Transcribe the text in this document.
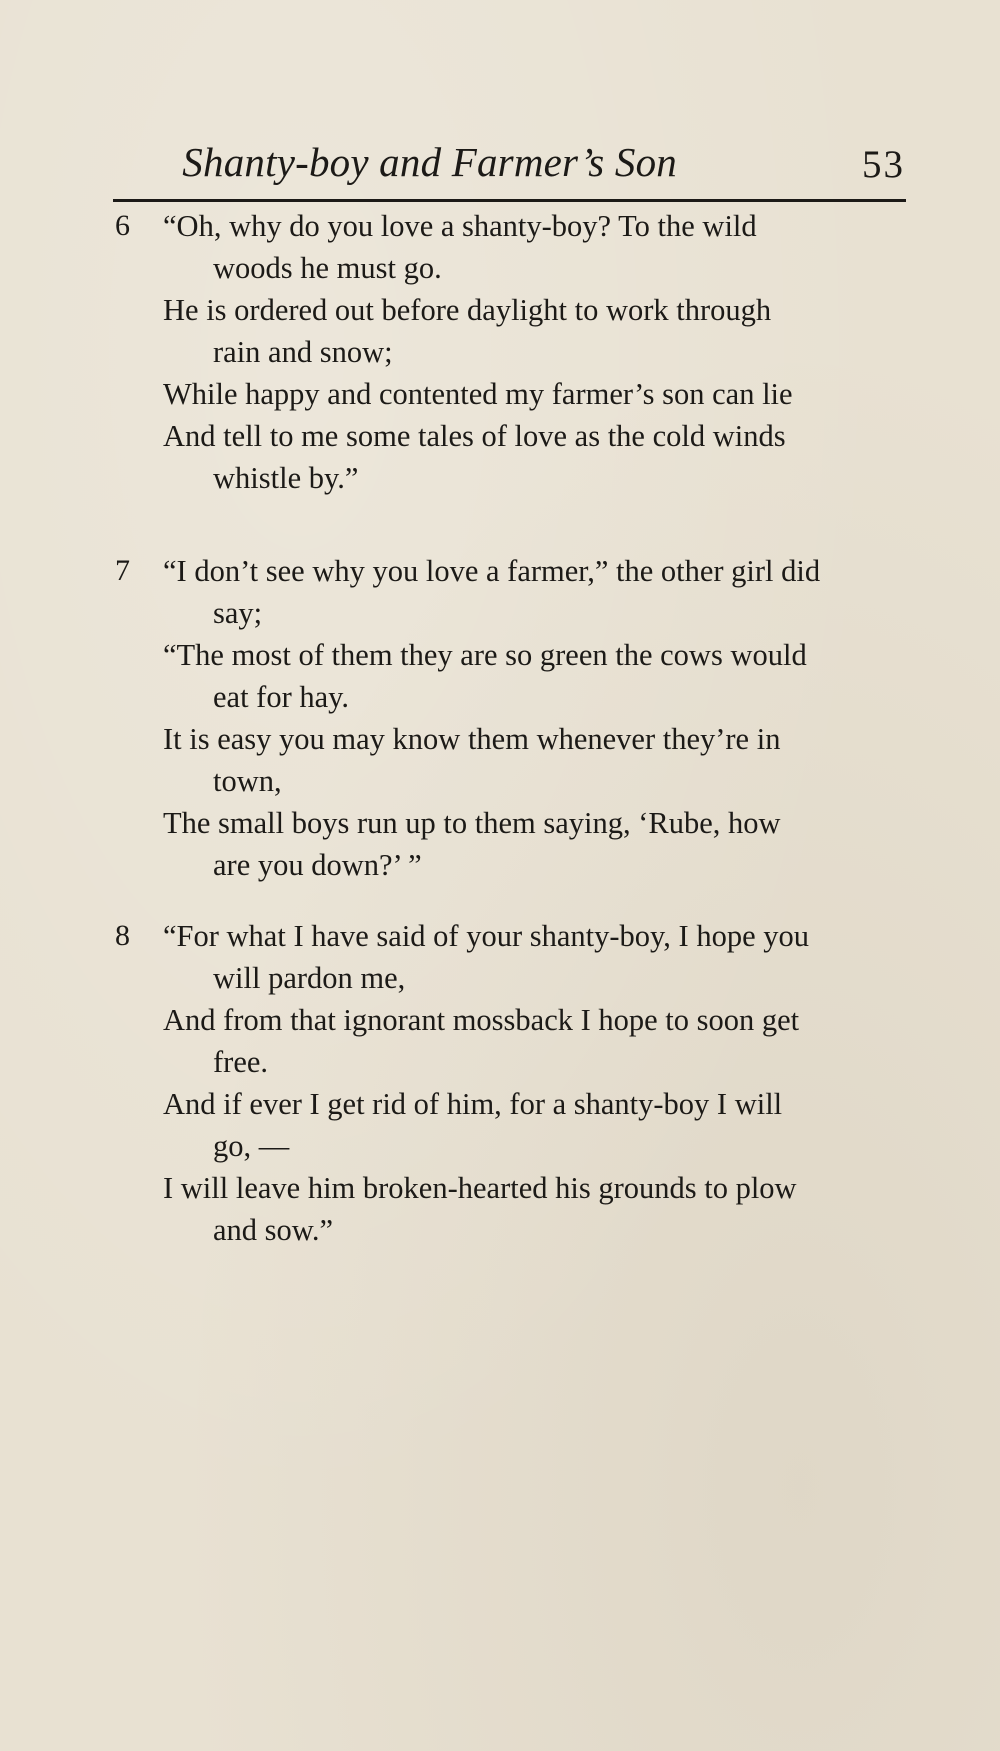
Shanty-boy and Farmer’s Son	53
6 “Oh, why do you love a shanty-boy? To the wild
woods he must go.
He is ordered out before daylight to work through
rain and snow;
While happy and contented my farmer’s son can lie
And tell to me some tales of love as the cold winds
whistle by.”
7 “I don’t see why you love a farmer,” the other girl did
say;
“The most of them they are so green the cows would
eat for hay.
It is easy you may know them whenever they’re in
town,
The small boys run up to them saying, ‘Rube, how
are you down?’ ”
8 “For what I have said of your shanty-boy, I hope you
will pardon me,
And from that ignorant mossback I hope to soon get
free.
And if ever I get rid of him, for a shanty-boy I will
go, —
I will leave him broken-hearted his grounds to plow
and sow.”
